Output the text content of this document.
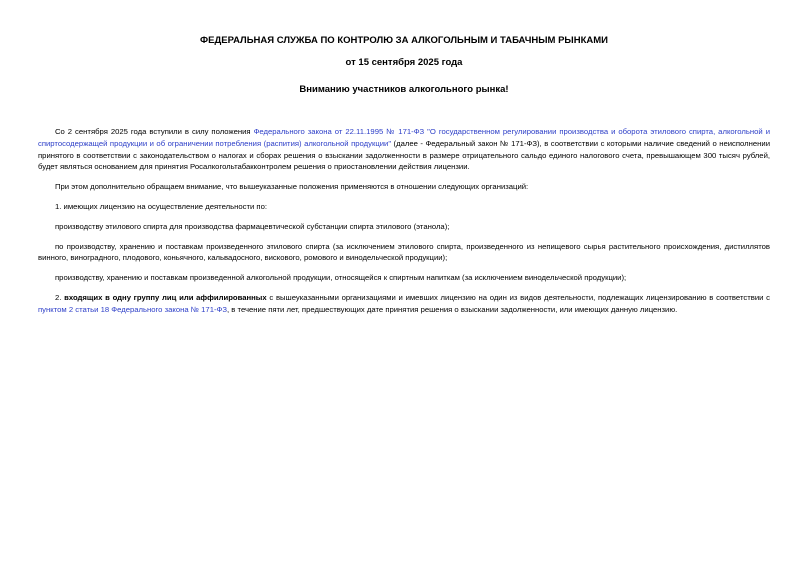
ФЕДЕРАЛЬНАЯ СЛУЖБА ПО КОНТРОЛЮ ЗА АЛКОГОЛЬНЫМ И ТАБАЧНЫМ РЫНКАМИ
от 15 сентября 2025 года
Вниманию участников алкогольного рынка!

Со 2 сентября 2025 года вступили в силу положения Федерального закона от 22.11.1995 № 171-ФЗ "О государственном регулировании производства и оборота этилового спирта, алкогольной и спиртосодержащей продукции и об ограничении потребления (распития) алкогольной продукции" (далее - Федеральный закон № 171-ФЗ), в соответствии с которыми наличие сведений о неисполнении принятого в соответствии с законодательством о налогах и сборах решения о взыскании задолженности в размере отрицательного сальдо единого налогового счета, превышающем 300 тысяч рублей, будет являться основанием для принятия Росалкогольтабакконтролем решения о приостановлении действия лицензии.

При этом дополнительно обращаем внимание, что вышеуказанные положения применяются в отношении следующих организаций:

1. имеющих лицензию на осуществление деятельности по:

производству этилового спирта для производства фармацевтической субстанции спирта этилового (этанола);

по производству, хранению и поставкам произведенного этилового спирта (за исключением этилового спирта, произведенного из непищевого сырья растительного происхождения, дистиллятов винного, виноградного, плодового, коньячного, кальвадосного, вискового, ромового и винодельческой продукции);

производству, хранению и поставкам произведенной алкогольной продукции, относящейся к спиртным напиткам (за исключением винодельческой продукции);

2. входящих в одну группу лиц или аффилированных с вышеуказанными организациями и имевших лицензию на один из видов деятельности, подлежащих лицензированию в соответствии с пунктом 2 статьи 18 Федерального закона № 171-ФЗ, в течение пяти лет, предшествующих дате принятия решения о взыскании задолженности, или имеющих данную лицензию.
